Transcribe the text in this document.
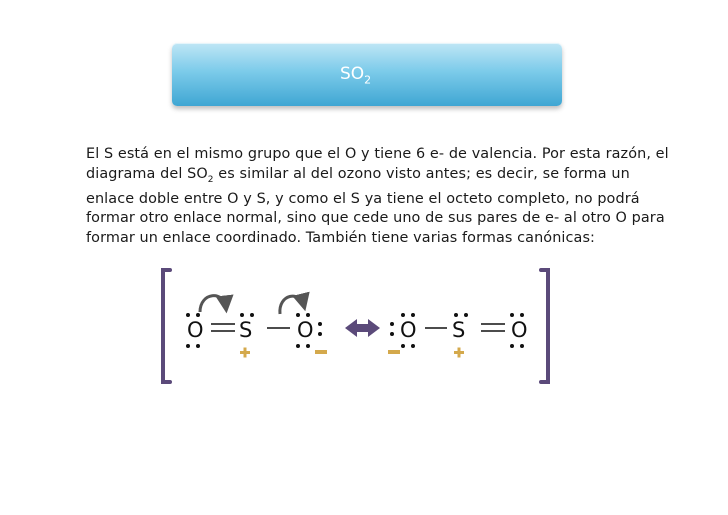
$SO_2$

El S está en el mismo grupo que el O y tiene 6 e- de valencia. Por esta razón, el diagrama del $SO_2$ es similar al del ozono visto antes; es decir, se forma un enlace doble entre O y S, y como el S ya tiene el octeto completo, no podrá formar otro enlace normal, sino que cede uno de sus pares de e- al otro O para formar un enlace coordinado. También tiene varias formas canónicas:

O S O	O S O
